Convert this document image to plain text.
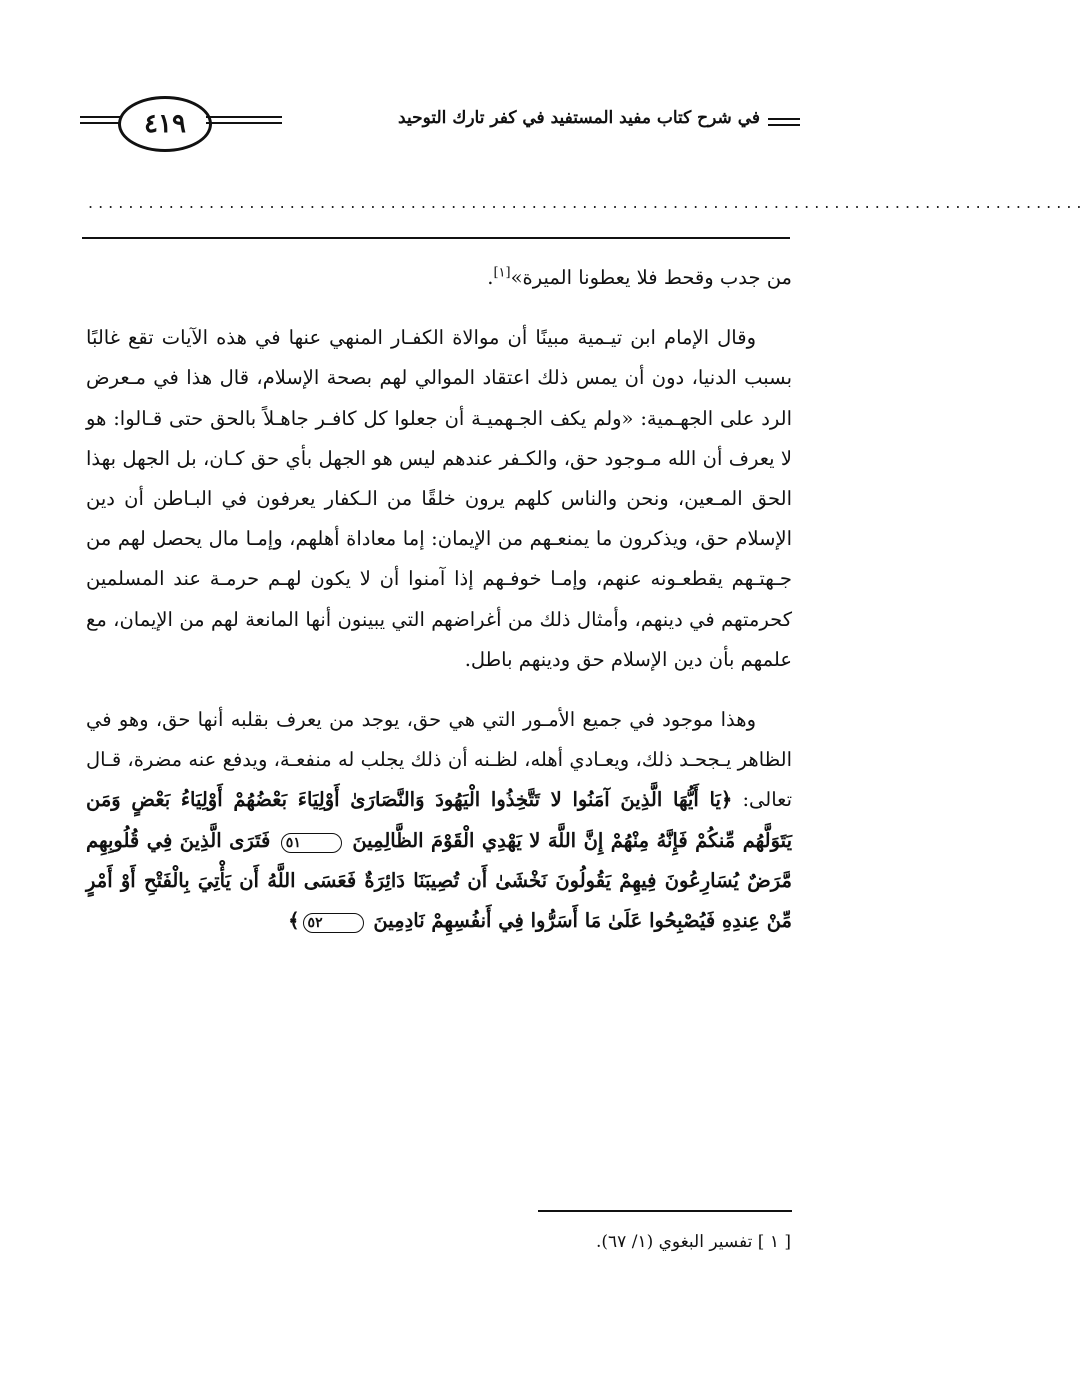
٤١٩	في شرح كتاب مفيد المستفيد في كفر تارك التوحيد
...................................................................................................

من جدب وقحط فلا يعطونا الميرة»[١].

وقال الإمام ابن تيـمية مبينًا أن موالاة الكفـار المنهي عنها في هذه الآيات تقع غالبًا بسبب الدنيا، دون أن يمس ذلك اعتقاد الموالي لهم بصحة الإسلام، قال هذا في مـعرض الرد على الجهـمية: «ولم يكف الجـهميـة أن جعلوا كل كافـر جاهـلاً بالحق حتى قـالوا: هو لا يعرف أن الله مـوجود حق، والكـفر عندهم ليس هو الجهل بأي حق كـان، بل الجهل بهذا الحق المـعين، ونحن والناس كلهم يرون خلقًا من الـكفار يعرفون في البـاطن أن دين الإسلام حق، ويذكرون ما يمنعـهم من الإيمان: إما معاداة أهلهم، وإمـا مال يحصل لهم من جـهتـهم يقطعـونه عنهم، وإمـا خوفـهم إذا آمنوا أن لا يكون لهـم حرمـة عند المسلمين كحرمتهم في دينهم، وأمثال ذلك من أغراضهم التي يبينون أنها المانعة لهم من الإيمان، مع علمهم بأن دين الإسلام حق ودينهم باطل.

وهذا موجود في جميع الأمـور التي هي حق، يوجد من يعرف بقلبه أنها حق، وهو في الظاهر يـجحـد ذلك، ويعـادي أهله، لظـنه أن ذلك يجلب له منفعـة، ويدفع عنه مضرة، قـال تعالى: ﴿يَا أَيُّهَا الَّذِينَ آمَنُوا لا تَتَّخِذُوا الْيَهُودَ وَالنَّصَارَىٰ أَوْلِيَاءَ بَعْضُهُمْ أَوْلِيَاءُ بَعْضٍ وَمَن يَتَوَلَّهُم مِّنكُمْ فَإِنَّهُ مِنْهُمْ إِنَّ اللَّهَ لا يَهْدِي الْقَوْمَ الظَّالِمِينَ ٥١ فَتَرَى الَّذِينَ فِي قُلُوبِهِم مَّرَضٌ يُسَارِعُونَ فِيهِمْ يَقُولُونَ نَخْشَىٰ أَن تُصِيبَنَا دَائِرَةٌ فَعَسَى اللَّهُ أَن يَأْتِيَ بِالْفَتْحِ أَوْ أَمْرٍ مِّنْ عِندِهِ فَيُصْبِحُوا عَلَىٰ مَا أَسَرُّوا فِي أَنفُسِهِمْ نَادِمِينَ ٥٢﴾

[ ١ ] تفسير البغوي (١/ ٦٧).
